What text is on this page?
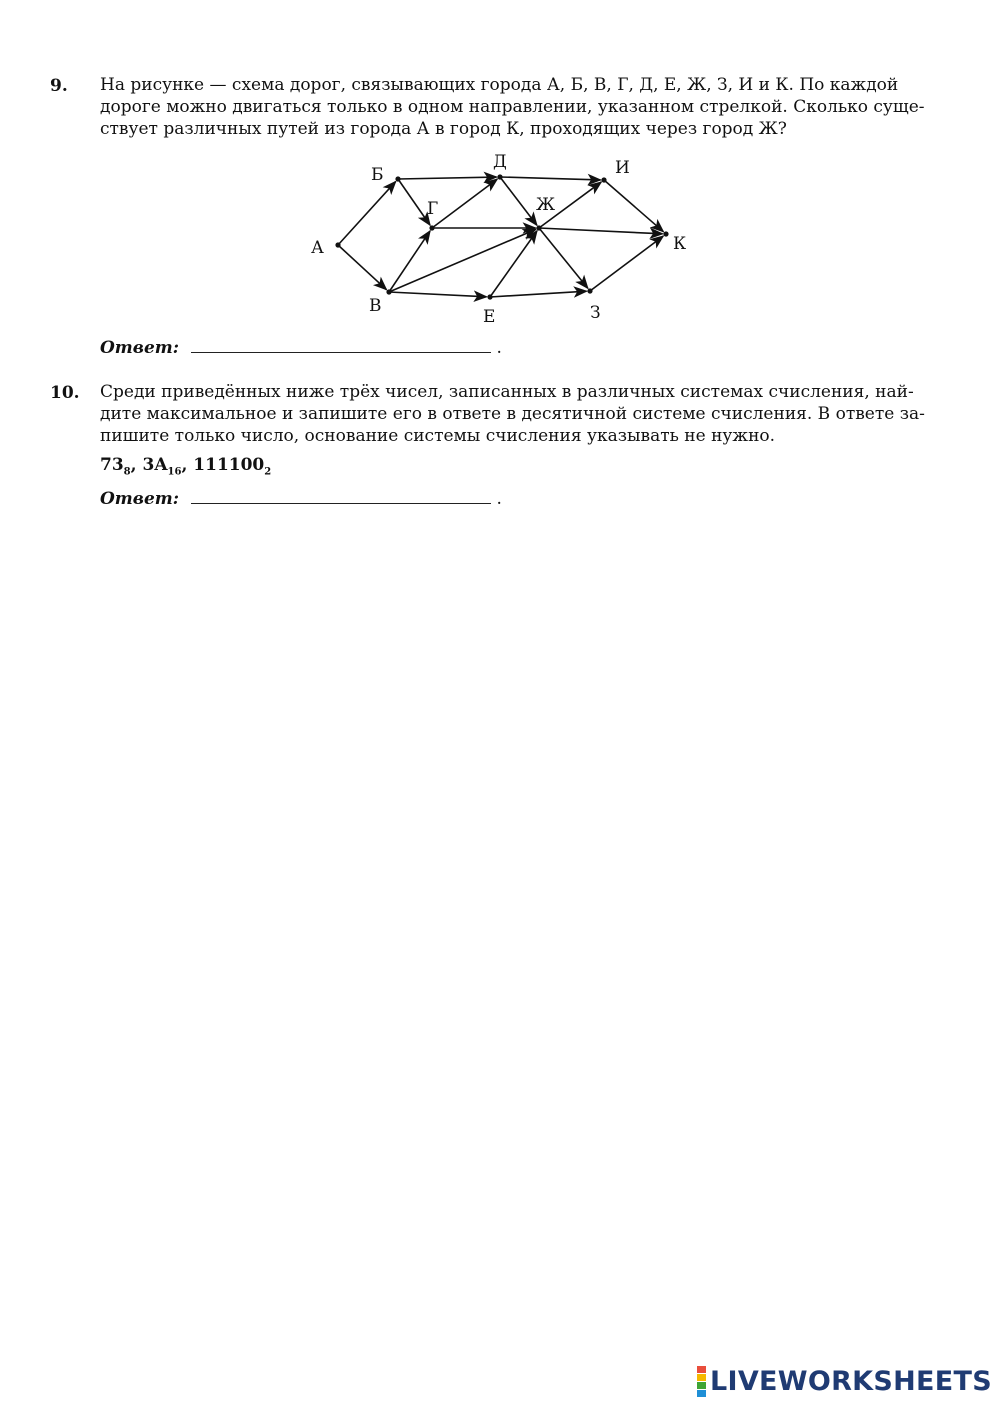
9. На рисунке — схема дорог, связывающих города А, Б, В, Г, Д, Е, Ж, З, И и К. По каждой
дороге можно двигаться только в одном направлении, указанном стрелкой. Сколько суще-
ствует различных путей из города А в город К, проходящих через город Ж?
А
Б
В
Г
Д
Е
Ж
З
И
К
Ответ:	.
10. Среди приведённых ниже трёх чисел, записанных в различных системах счисления, най-
дите максимальное и запишите его в ответе в десятичной системе счисления. В ответе за-
пишите только число, основание системы счисления указывать не нужно.
$73_8$, $3A_{16}$, $111100_2$
Ответ:	.
LIVEWORKSHEETS
